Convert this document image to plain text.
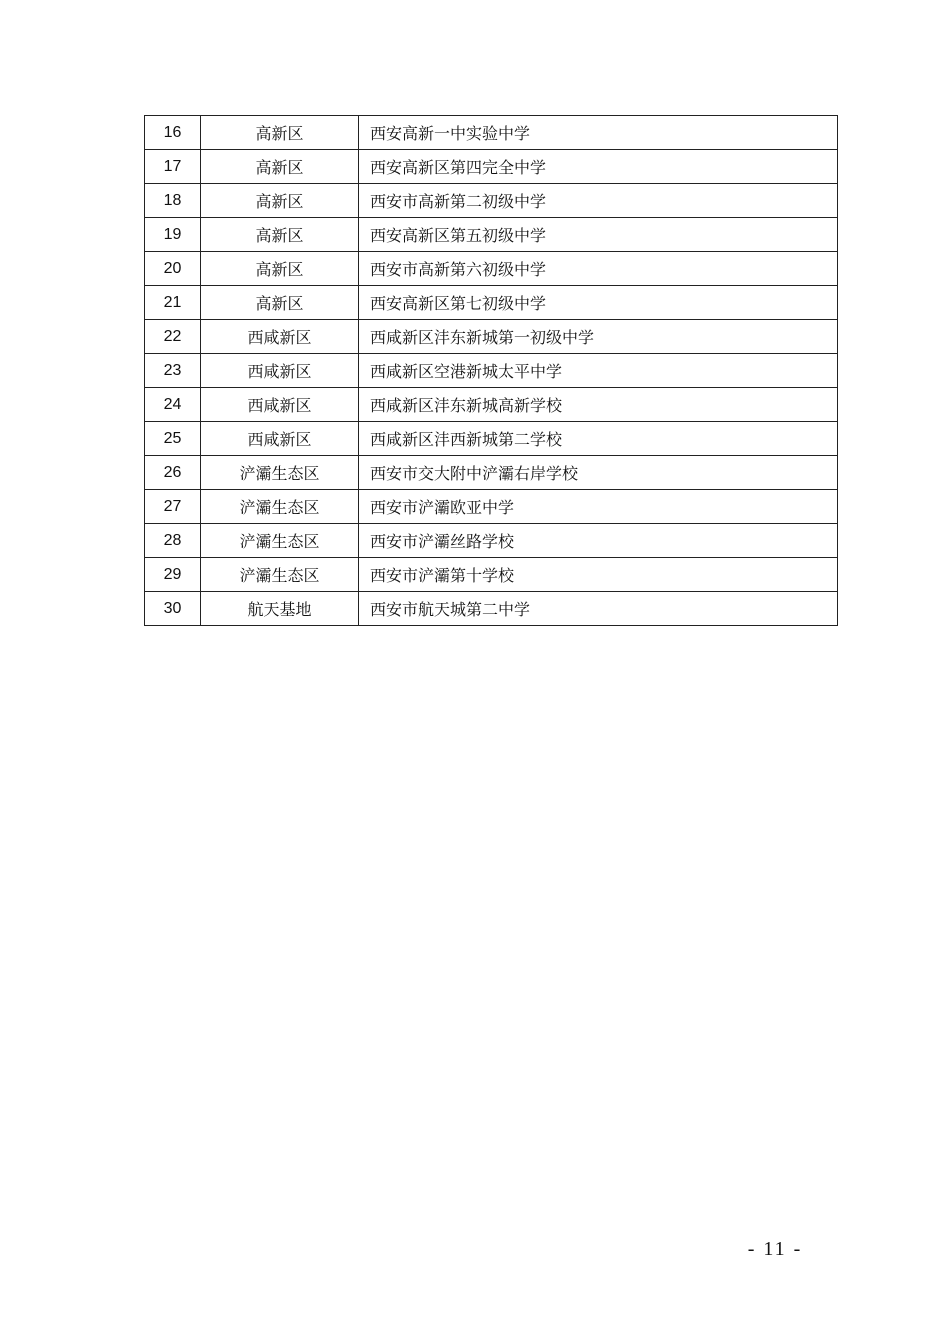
16	高新区	西安高新一中实验中学
17	高新区	西安高新区第四完全中学
18	高新区	西安市高新第二初级中学
19	高新区	西安高新区第五初级中学
20	高新区	西安市高新第六初级中学
21	高新区	西安高新区第七初级中学
22	西咸新区	西咸新区沣东新城第一初级中学
23	西咸新区	西咸新区空港新城太平中学
24	西咸新区	西咸新区沣东新城高新学校
25	西咸新区	西咸新区沣西新城第二学校
26	浐灞生态区	西安市交大附中浐灞右岸学校
27	浐灞生态区	西安市浐灞欧亚中学
28	浐灞生态区	西安市浐灞丝路学校
29	浐灞生态区	西安市浐灞第十学校
30	航天基地	西安市航天城第二中学
- 11 -
